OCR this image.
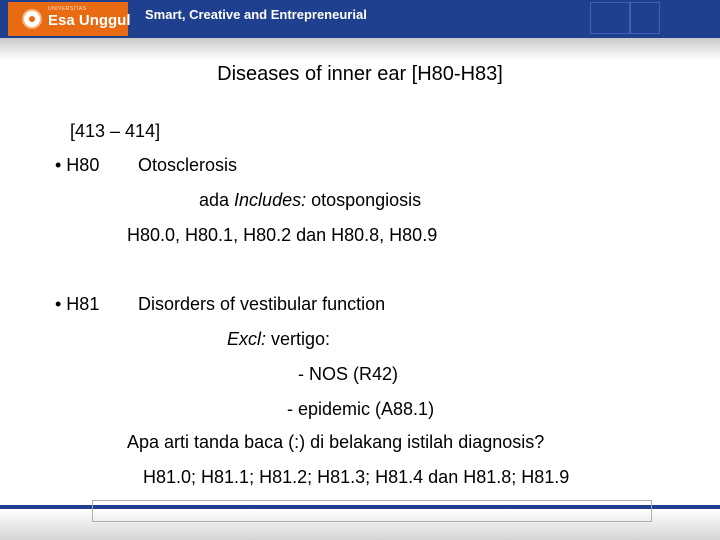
UNIVERSITAS
Esa Unggul Smart, Creative and Entrepreneurial
Diseases of inner ear [H80-H83]
[413 – 414]
• H80 Otosclerosis
ada Includes: otospongiosis
H80.0, H80.1, H80.2 dan H80.8, H80.9
• H81 Disorders of vestibular function
Excl: vertigo:
- NOS (R42)
- epidemic (A88.1)
Apa arti tanda baca (:) di belakang istilah diagnosis?
H81.0; H81.1; H81.2; H81.3; H81.4 dan H81.8; H81.9
